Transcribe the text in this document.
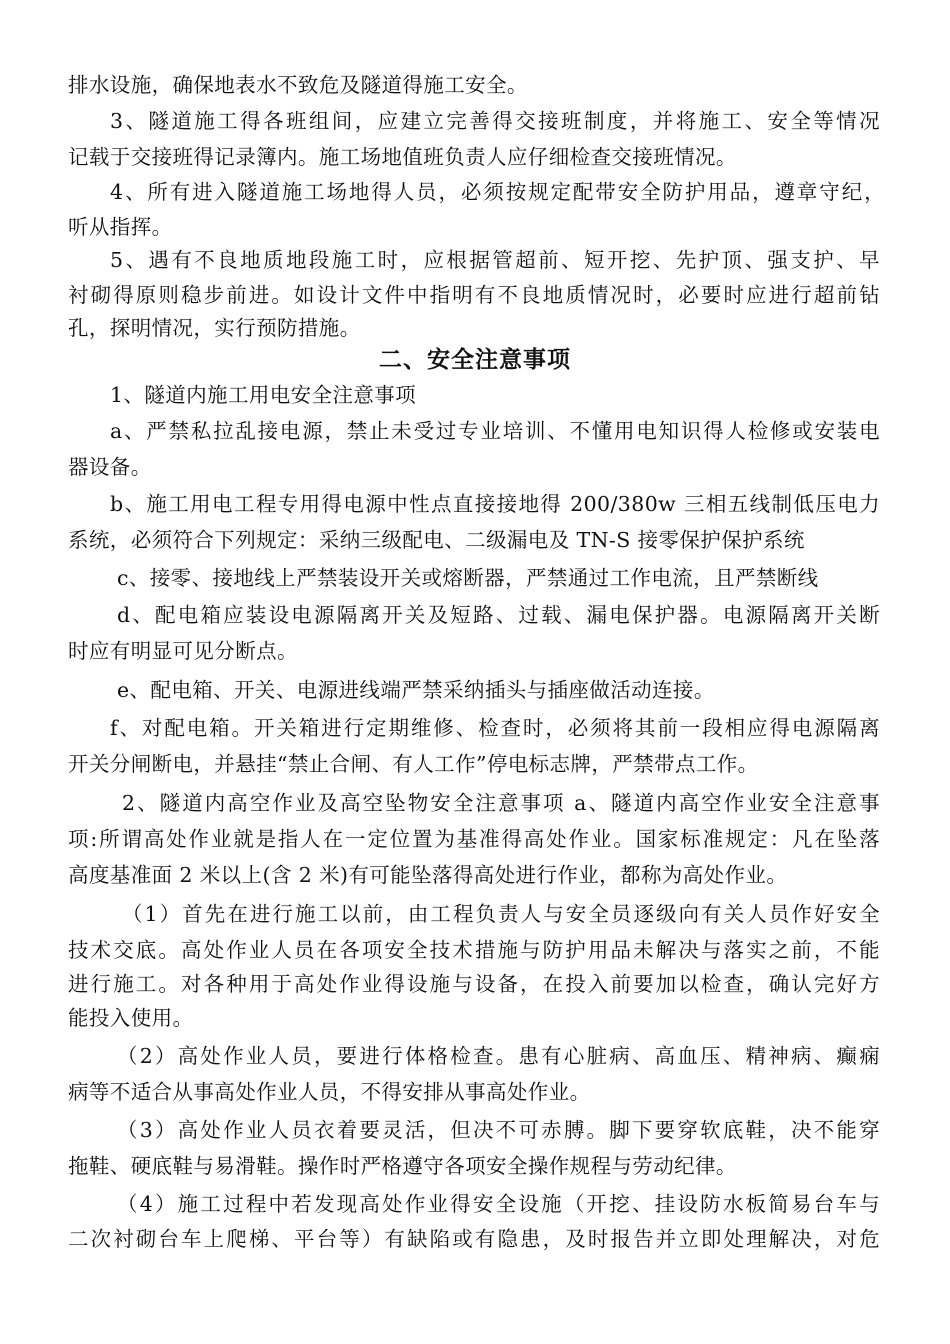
排水设施，确保地表水不致危及隧道得施工安全。
3、隧道施工得各班组间，应建立完善得交接班制度，并将施工、安全等情况
记载于交接班得记录簿内。施工场地值班负责人应仔细检查交接班情况。
4、所有进入隧道施工场地得人员，必须按规定配带安全防护用品，遵章守纪，
听从指挥。
5、遇有不良地质地段施工时，应根据管超前、短开挖、先护顶、强支护、早
衬砌得原则稳步前进。如设计文件中指明有不良地质情况时，必要时应进行超前钻
孔，探明情况，实行预防措施。
二、安全注意事项
1、隧道内施工用电安全注意事项
a、严禁私拉乱接电源，禁止未受过专业培训、不懂用电知识得人检修或安装电
器设备。
b、施工用电工程专用得电源中性点直接接地得 200/380w 三相五线制低压电力
系统，必须符合下列规定：采纳三级配电、二级漏电及 TN-S 接零保护保护系统
c、接零、接地线上严禁装设开关或熔断器，严禁通过工作电流，且严禁断线
d、配电箱应装设电源隔离开关及短路、过载、漏电保护器。电源隔离开关断
时应有明显可见分断点。
e、配电箱、开关、电源进线端严禁采纳插头与插座做活动连接。
f、对配电箱。开关箱进行定期维修、检查时，必须将其前一段相应得电源隔离
开关分闸断电，并悬挂“禁止合闸、有人工作”停电标志牌，严禁带点工作。
2、隧道内高空作业及高空坠物安全注意事项 a、隧道内高空作业安全注意事
项:所谓高处作业就是指人在一定位置为基准得高处作业。国家标准规定：凡在坠落
高度基准面 2 米以上(含 2 米)有可能坠落得高处进行作业，都称为高处作业。
（1）首先在进行施工以前，由工程负责人与安全员逐级向有关人员作好安全
技术交底。高处作业人员在各项安全技术措施与防护用品未解决与落实之前，不能
进行施工。对各种用于高处作业得设施与设备，在投入前要加以检查，确认完好方
能投入使用。
（2）高处作业人员，要进行体格检查。患有心脏病、高血压、精神病、癫痫
病等不适合从事高处作业人员，不得安排从事高处作业。
（3）高处作业人员衣着要灵活，但决不可赤膊。脚下要穿软底鞋，决不能穿
拖鞋、硬底鞋与易滑鞋。操作时严格遵守各项安全操作规程与劳动纪律。
（4）施工过程中若发现高处作业得安全设施（开挖、挂设防水板简易台车与
二次衬砌台车上爬梯、平台等）有缺陷或有隐患，及时报告并立即处理解决，对危
